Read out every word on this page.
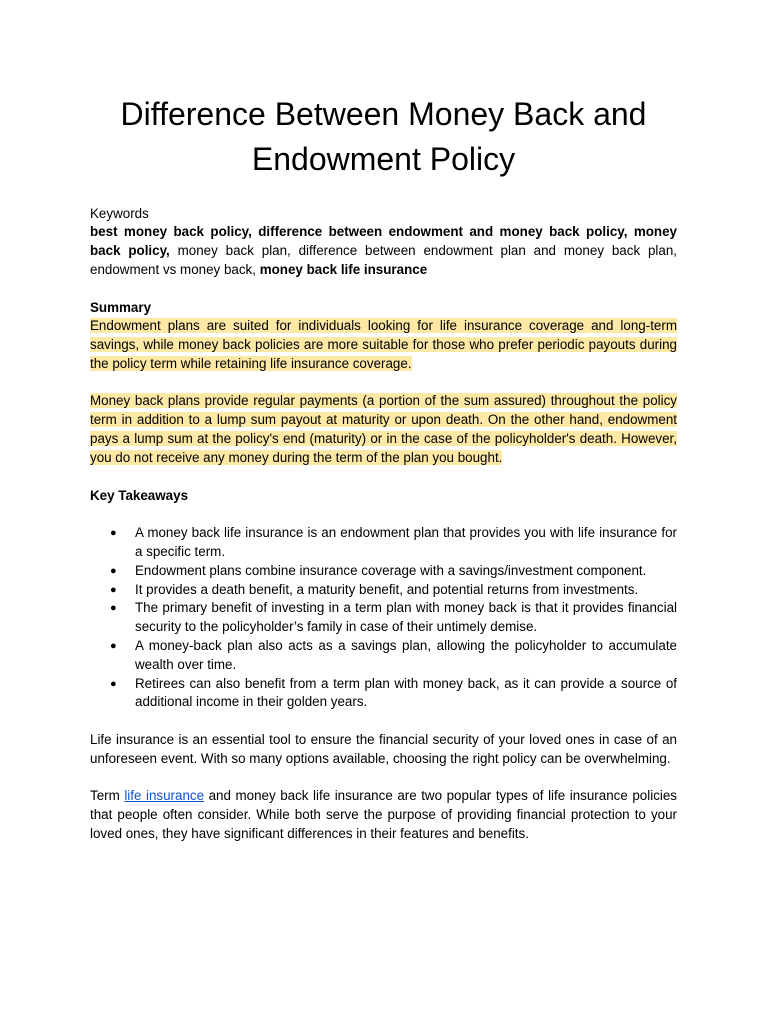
Difference Between Money Back and
Endowment Policy
Keywords

best money back policy, difference between endowment and money back policy, money back policy, money back plan, difference between endowment plan and money back plan, endowment vs money back, money back life insurance

Summary

Endowment plans are suited for individuals looking for life insurance coverage and long-term savings, while money back policies are more suitable for those who prefer periodic payouts during the policy term while retaining life insurance coverage.

Money back plans provide regular payments (a portion of the sum assured) throughout the policy term in addition to a lump sum payout at maturity or upon death. On the other hand, endowment pays a lump sum at the policy's end (maturity) or in the case of the policyholder's death. However, you do not receive any money during the term of the plan you bought.

Key Takeaways
● A money back life insurance is an endowment plan that provides you with life insurance for a specific term.
● Endowment plans combine insurance coverage with a savings/investment component.
● It provides a death benefit, a maturity benefit, and potential returns from investments.
● The primary benefit of investing in a term plan with money back is that it provides financial security to the policyholder’s family in case of their untimely demise.
● A money-back plan also acts as a savings plan, allowing the policyholder to accumulate wealth over time.
● Retirees can also benefit from a term plan with money back, as it can provide a source of additional income in their golden years.

Life insurance is an essential tool to ensure the financial security of your loved ones in case of an unforeseen event. With so many options available, choosing the right policy can be overwhelming.

Term life insurance and money back life insurance are two popular types of life insurance policies that people often consider. While both serve the purpose of providing financial protection to your loved ones, they have significant differences in their features and benefits.
